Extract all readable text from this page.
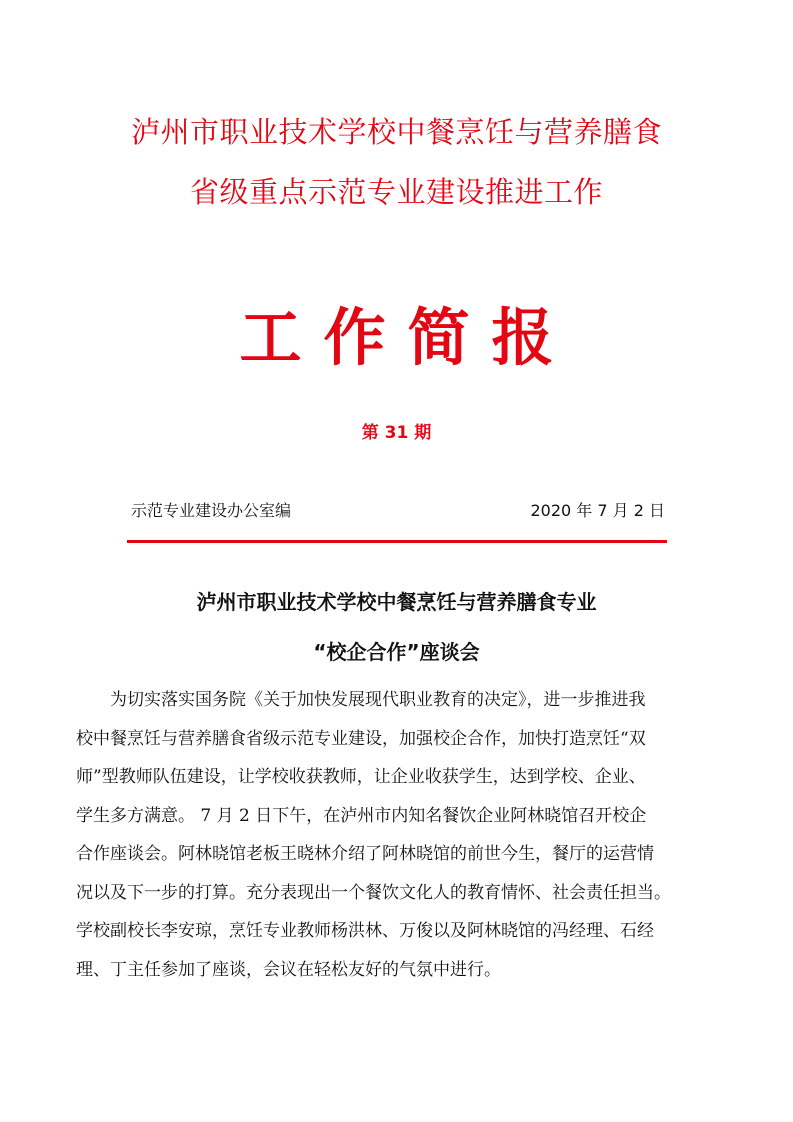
泸州市职业技术学校中餐烹饪与营养膳食
省级重点示范专业建设推进工作
工作简报
第 31 期
示范专业建设办公室编	2020 年 7 月 2 日
泸州市职业技术学校中餐烹饪与营养膳食专业
“校企合作”座谈会
　　为切实落实国务院《关于加快发展现代职业教育的决定》，进一步推进我
校中餐烹饪与营养膳食省级示范专业建设，加强校企合作，加快打造烹饪“双
师”型教师队伍建设，让学校收获教师，让企业收获学生，达到学校、企业、
学生多方满意。 7 月 2 日下午，在泸州市内知名餐饮企业阿林晓馆召开校企
合作座谈会。阿林晓馆老板王晓林介绍了阿林晓馆的前世今生，餐厅的运营情
况以及下一步的打算。充分表现出一个餐饮文化人的教育情怀、社会责任担当。
学校副校长李安琼，烹饪专业教师杨洪林、万俊以及阿林晓馆的冯经理、石经
理、丁主任参加了座谈，会议在轻松友好的气氛中进行。
